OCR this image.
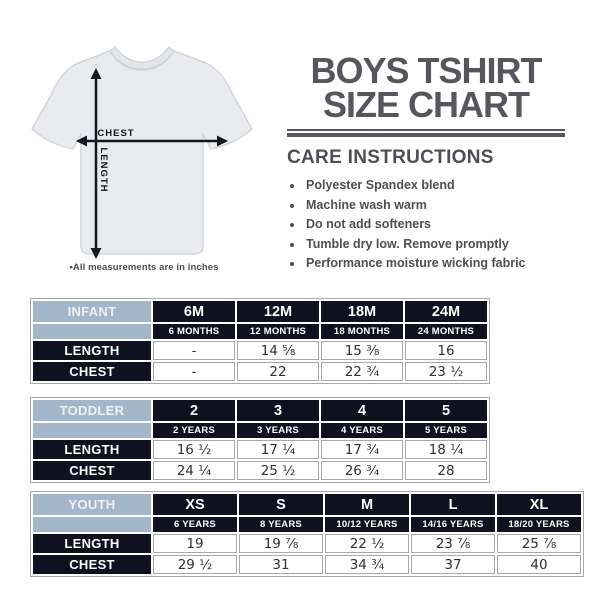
CHEST
LENGTH
•All measurements are in inches
BOYS TSHIRT
SIZE CHART
CARE INSTRUCTIONS
• Polyester Spandex blend
• Machine wash warm
• Do not add softeners
• Tumble dry low. Remove promptly
• Performance moisture wicking fabric
INFANT	6M	12M	18M	24M
	6 MONTHS	12 MONTHS	18 MONTHS	24 MONTHS
LENGTH	-	14 ⅝	15 ⅜	16
CHEST	-	22	22 ¾	23 ½
TODDLER	2	3	4	5
	2 YEARS	3 YEARS	4 YEARS	5 YEARS
LENGTH	16 ½	17 ¼	17 ¾	18 ¼
CHEST	24 ¼	25 ½	26 ¾	28
YOUTH	XS	S	M	L	XL
	6 YEARS	8 YEARS	10/12 YEARS	14/16 YEARS	18/20 YEARS
LENGTH	19	19 ⅞	22 ½	23 ⅞	25 ⅞
CHEST	29 ½	31	34 ¾	37	40
